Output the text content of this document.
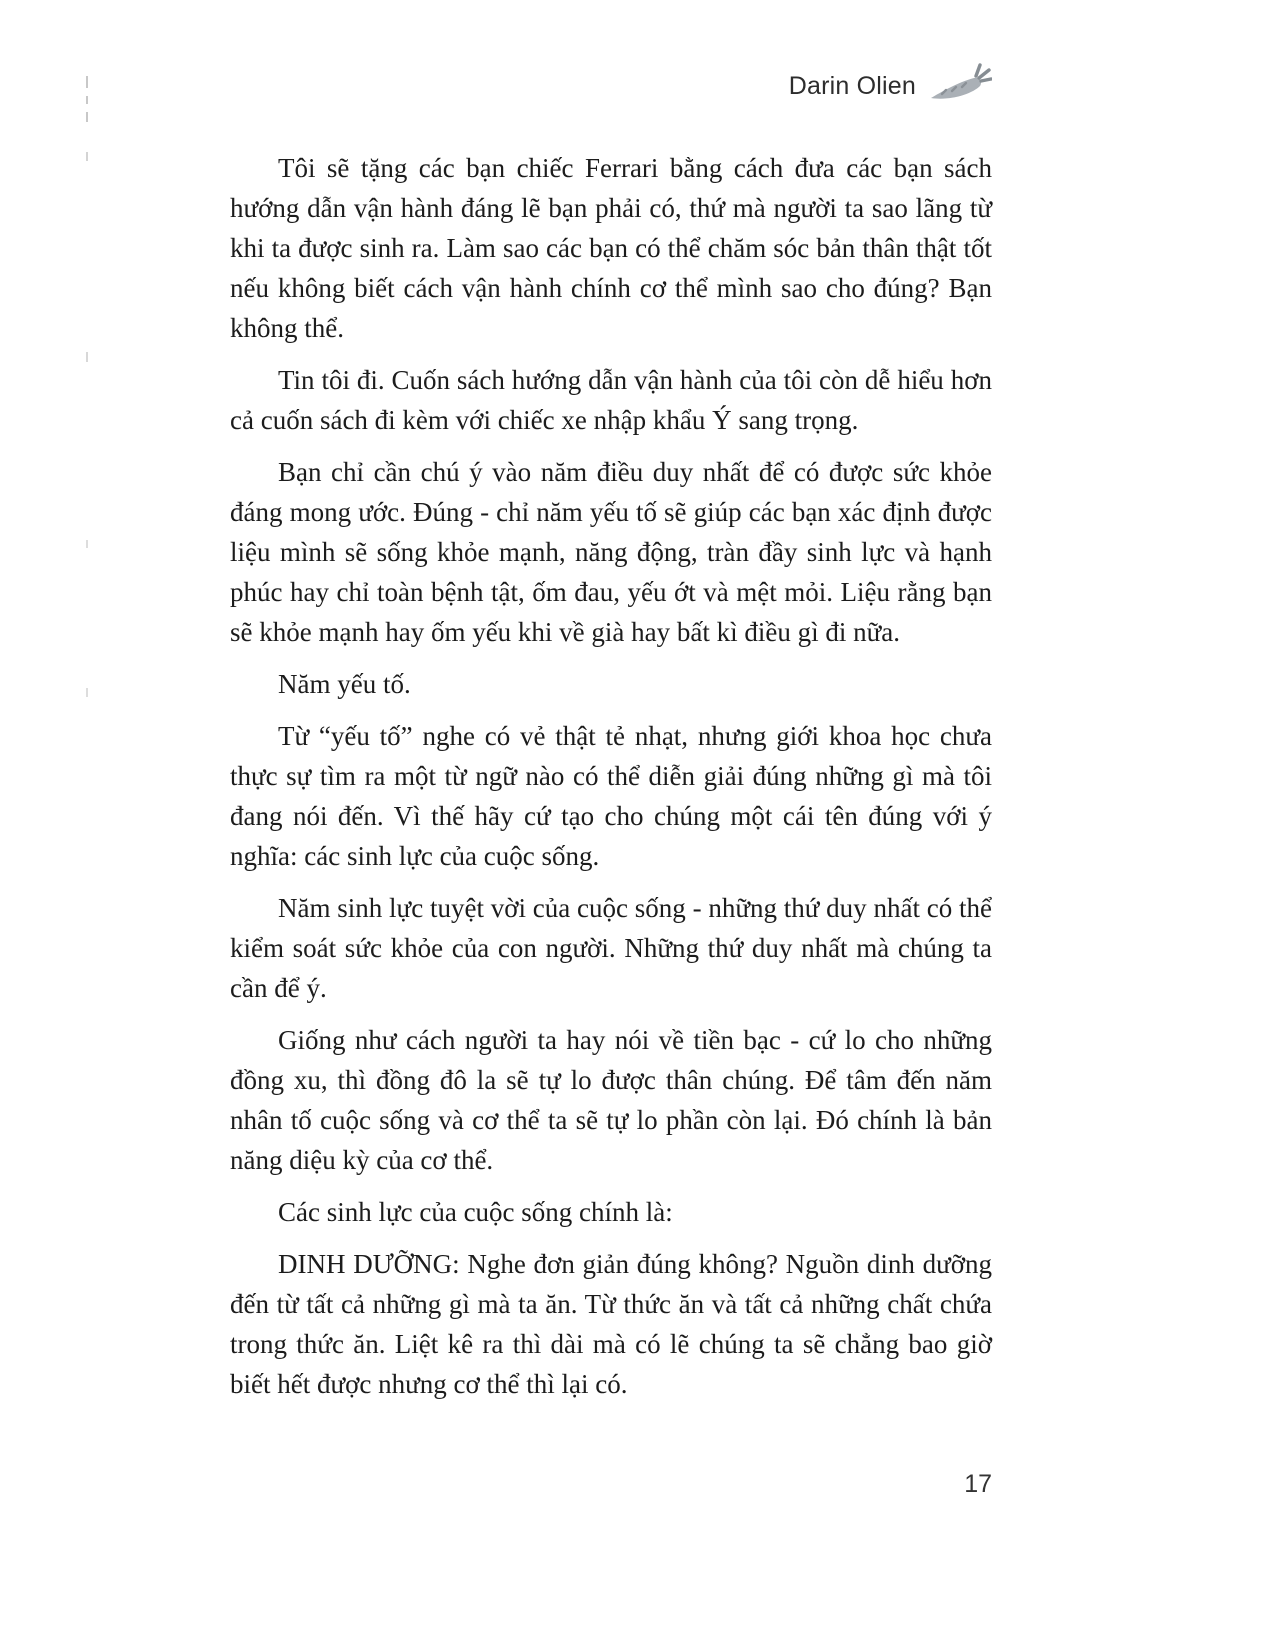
Darin Olien

Tôi sẽ tặng các bạn chiếc Ferrari bằng cách đưa các bạn sách hướng dẫn vận hành đáng lẽ bạn phải có, thứ mà người ta sao lãng từ khi ta được sinh ra. Làm sao các bạn có thể chăm sóc bản thân thật tốt nếu không biết cách vận hành chính cơ thể mình sao cho đúng? Bạn không thể.

Tin tôi đi. Cuốn sách hướng dẫn vận hành của tôi còn dễ hiểu hơn cả cuốn sách đi kèm với chiếc xe nhập khẩu Ý sang trọng.

Bạn chỉ cần chú ý vào năm điều duy nhất để có được sức khỏe đáng mong ước. Đúng - chỉ năm yếu tố sẽ giúp các bạn xác định được liệu mình sẽ sống khỏe mạnh, năng động, tràn đầy sinh lực và hạnh phúc hay chỉ toàn bệnh tật, ốm đau, yếu ớt và mệt mỏi. Liệu rằng bạn sẽ khỏe mạnh hay ốm yếu khi về già hay bất kì điều gì đi nữa.

Năm yếu tố.

Từ “yếu tố” nghe có vẻ thật tẻ nhạt, nhưng giới khoa học chưa thực sự tìm ra một từ ngữ nào có thể diễn giải đúng những gì mà tôi đang nói đến. Vì thế hãy cứ tạo cho chúng một cái tên đúng với ý nghĩa: các sinh lực của cuộc sống.

Năm sinh lực tuyệt vời của cuộc sống - những thứ duy nhất có thể kiểm soát sức khỏe của con người. Những thứ duy nhất mà chúng ta cần để ý.

Giống như cách người ta hay nói về tiền bạc - cứ lo cho những đồng xu, thì đồng đô la sẽ tự lo được thân chúng. Để tâm đến năm nhân tố cuộc sống và cơ thể ta sẽ tự lo phần còn lại. Đó chính là bản năng diệu kỳ của cơ thể.

Các sinh lực của cuộc sống chính là:

DINH DƯỠNG: Nghe đơn giản đúng không? Nguồn dinh dưỡng đến từ tất cả những gì mà ta ăn. Từ thức ăn và tất cả những chất chứa trong thức ăn. Liệt kê ra thì dài mà có lẽ chúng ta sẽ chẳng bao giờ biết hết được nhưng cơ thể thì lại có.

17
